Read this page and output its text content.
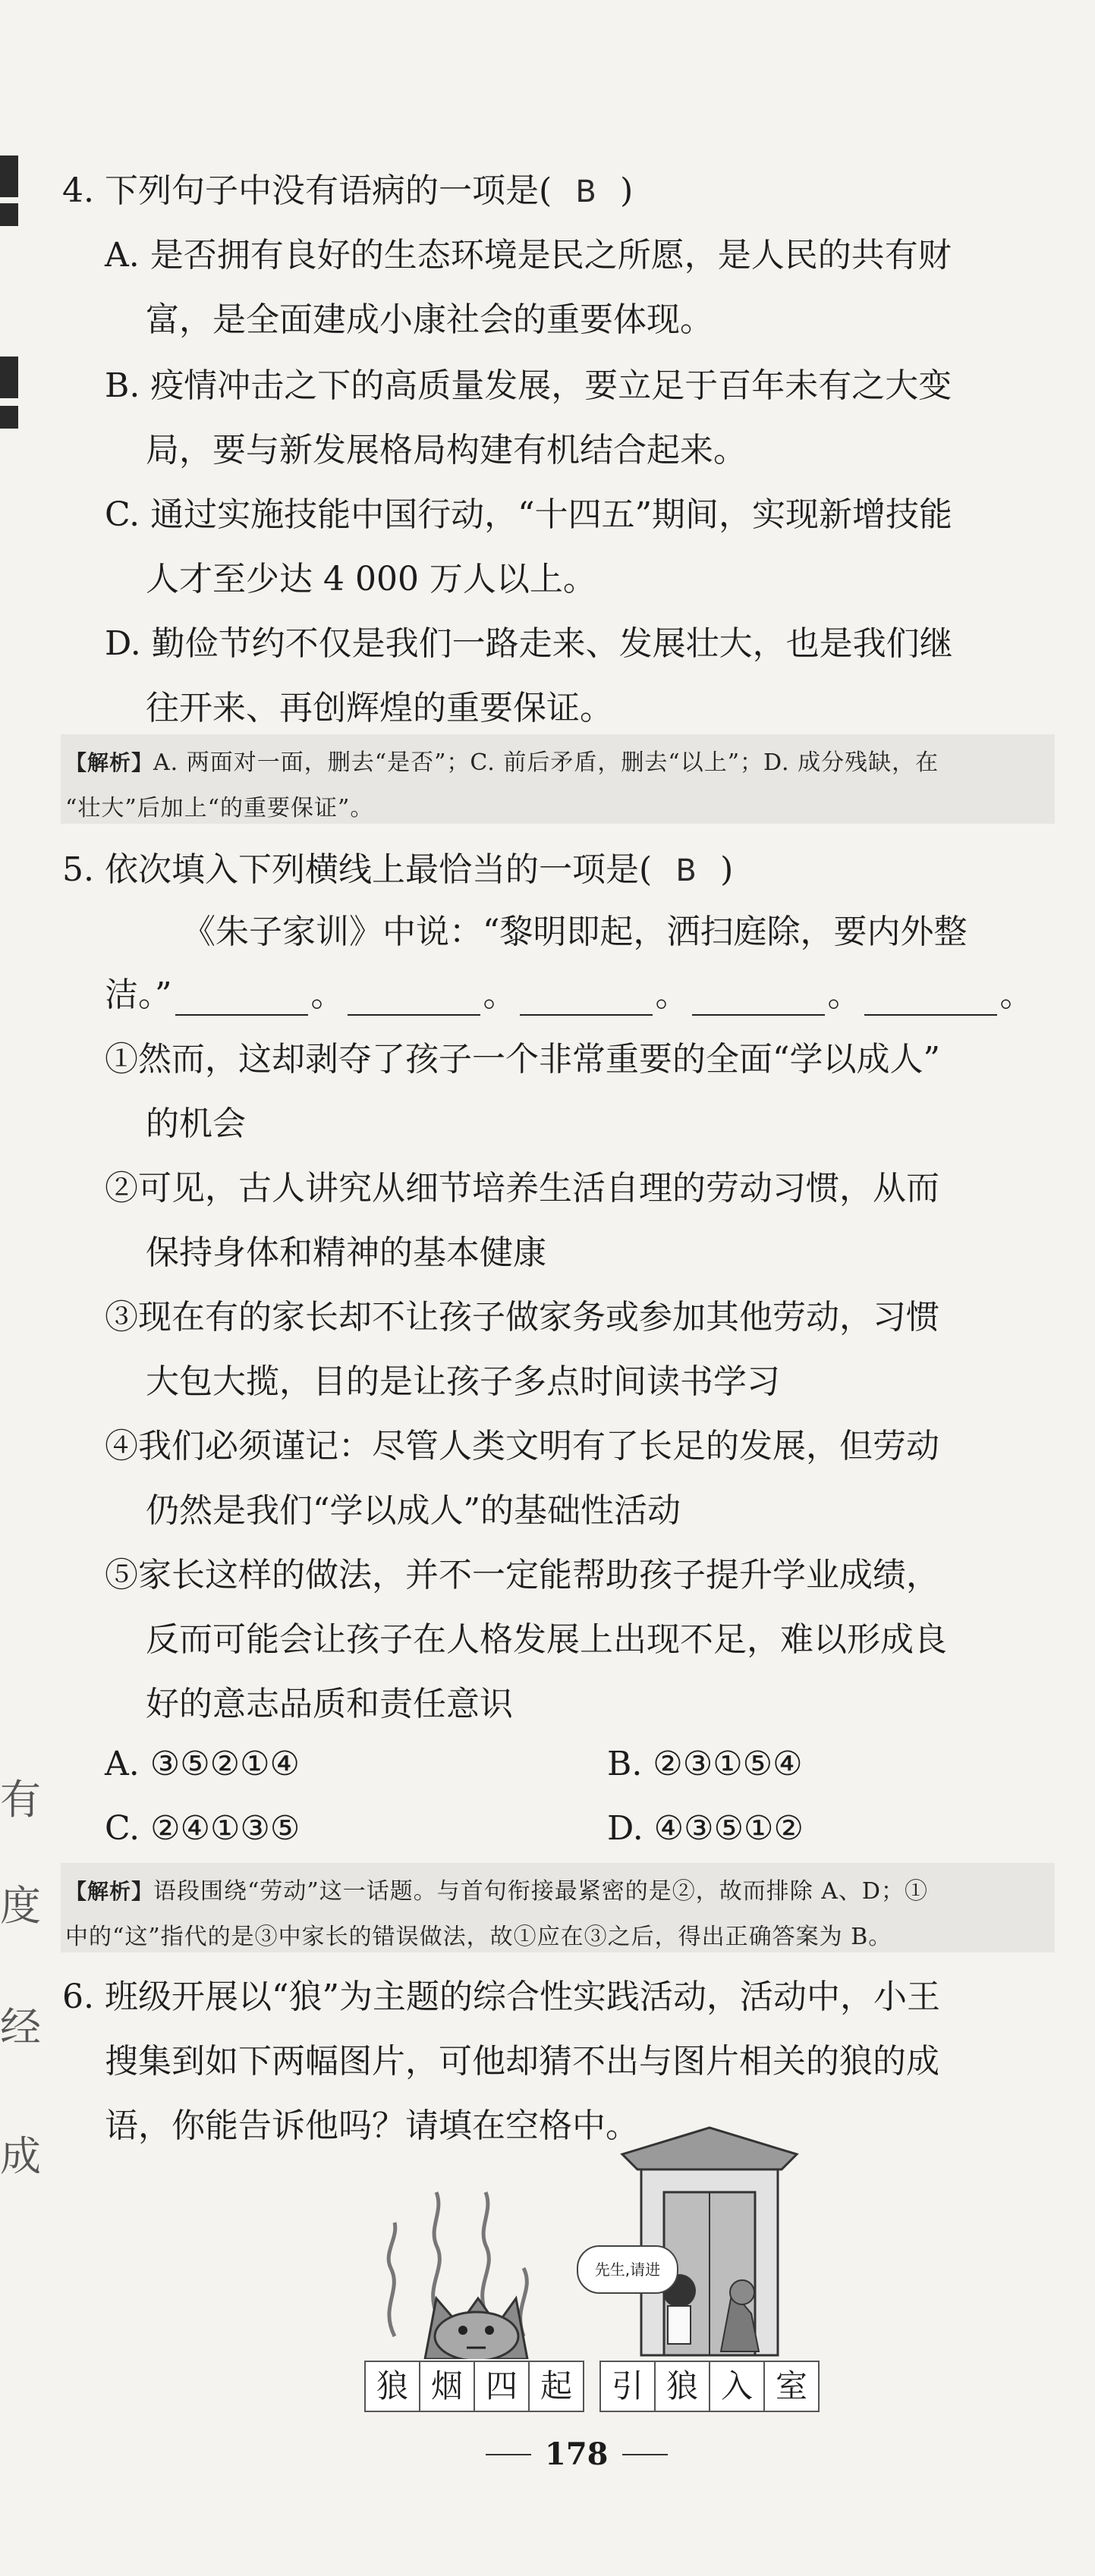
有
度
经
成
4. 下列句子中没有语病的一项是( B )
A. 是否拥有良好的生态环境是民之所愿，是人民的共有财
富，是全面建成小康社会的重要体现。
B. 疫情冲击之下的高质量发展，要立足于百年未有之大变
局，要与新发展格局构建有机结合起来。
C. 通过实施技能中国行动，“十四五”期间，实现新增技能
人才至少达 4 000 万人以上。
D. 勤俭节约不仅是我们一路走来、发展壮大，也是我们继
往开来、再创辉煌的重要保证。
【解析】A. 两面对一面，删去“是否”；C. 前后矛盾，删去“以上”；D. 成分残缺，在
“壮大”后加上“的重要保证”。
5. 依次填入下列横线上最恰当的一项是( B )
《朱子家训》中说：“黎明即起，洒扫庭除，要内外整
洁。”	。	。	。	。	。
①然而，这却剥夺了孩子一个非常重要的全面“学以成人”
的机会
②可见，古人讲究从细节培养生活自理的劳动习惯，从而
保持身体和精神的基本健康
③现在有的家长却不让孩子做家务或参加其他劳动，习惯
大包大揽，目的是让孩子多点时间读书学习
④我们必须谨记：尽管人类文明有了长足的发展，但劳动
仍然是我们“学以成人”的基础性活动
⑤家长这样的做法，并不一定能帮助孩子提升学业成绩，
反而可能会让孩子在人格发展上出现不足，难以形成良
好的意志品质和责任意识
A. ③⑤②①④	B. ②③①⑤④
C. ②④①③⑤	D. ④③⑤①②
【解析】语段围绕“劳动”这一话题。与首句衔接最紧密的是②，故而排除 A、D；①
中的“这”指代的是③中家长的错误做法，故①应在③之后，得出正确答案为 B。
6. 班级开展以“狼”为主题的综合性实践活动，活动中，小王
搜集到如下两幅图片，可他却猜不出与图片相关的狼的成
语，你能告诉他吗？请填在空格中。
先生,请进
狼 烟 四 起	引 狼 入 室
178
